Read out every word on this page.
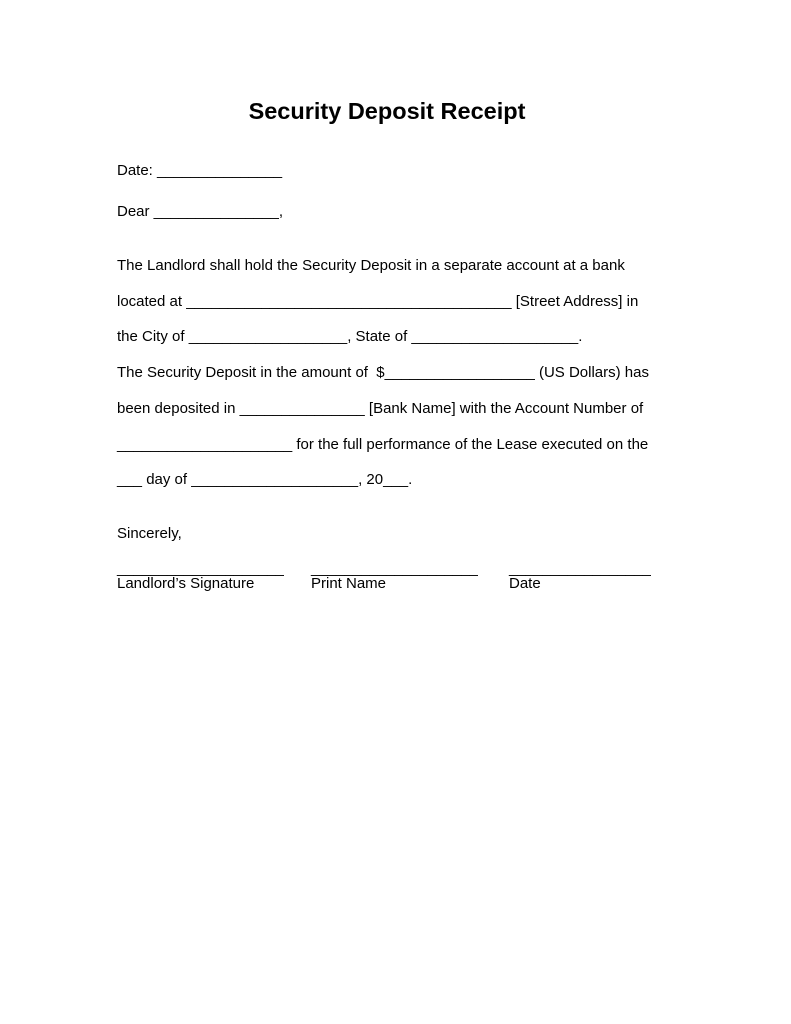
Security Deposit Receipt
Date: _______________
Dear _______________,
The Landlord shall hold the Security Deposit in a separate account at a bank
located at _______________________________________ [Street Address] in
the City of ___________________, State of ____________________.
The Security Deposit in the amount of  $__________________ (US Dollars) has
been deposited in _______________ [Bank Name] with the Account Number of
_____________________ for the full performance of the Lease executed on the
___ day of ____________________, 20___.
Sincerely,
____________________
Landlord’s Signature
____________________
Print Name
_________________
Date
